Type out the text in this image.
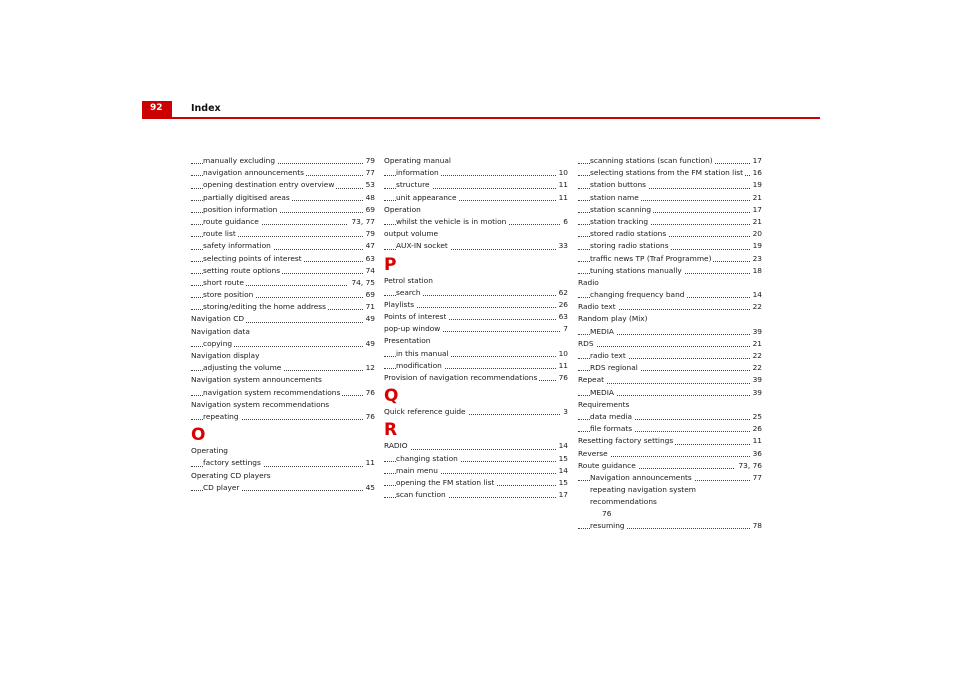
92	Index
manually excluding	79
navigation announcements	77
opening destination entry overview	53
partially digitised areas	48
position information	69
route guidance	73, 77
route list	79
safety information	47
selecting points of interest	63
setting route options	74
short route	74, 75
store position	69
storing/editing the home address	71
Navigation CD	49
Navigation data
copying	49
Navigation display
adjusting the volume	12
Navigation system announcements
navigation system recommendations	76
Navigation system recommendations
repeating	76
O
Operating
factory settings	11
Operating CD players
CD player	45
Operating manual
information	10
structure	11
unit appearance	11
Operation
whilst the vehicle is in motion	6
output volume
AUX-IN socket	33
P
Petrol station
search	62
Playlists	26
Points of interest	63
pop-up window	7
Presentation
in this manual	10
modification	11
Provision of navigation recommendations	76
Q
Quick reference guide	3
R
RADIO	14
changing station	15
main menu	14
opening the FM station list	15
scan function	17
scanning stations (scan function)	17
selecting stations from the FM station list	16
station buttons	19
station name	21
station scanning	17
station tracking	21
stored radio stations	20
storing radio stations	19
traffic news TP (Traf Programme)	23
tuning stations manually	18
Radio
changing frequency band	14
Radio text	22
Random play (Mix)
MEDIA	39
RDS	21
radio text	22
RDS regional	22
Repeat	39
MEDIA	39
Requirements
data media	25
file formats	26
Resetting factory settings	11
Reverse	36
Route guidance	73, 76
Navigation announcements	77
repeating navigation system recommendations
76
resuming	78
